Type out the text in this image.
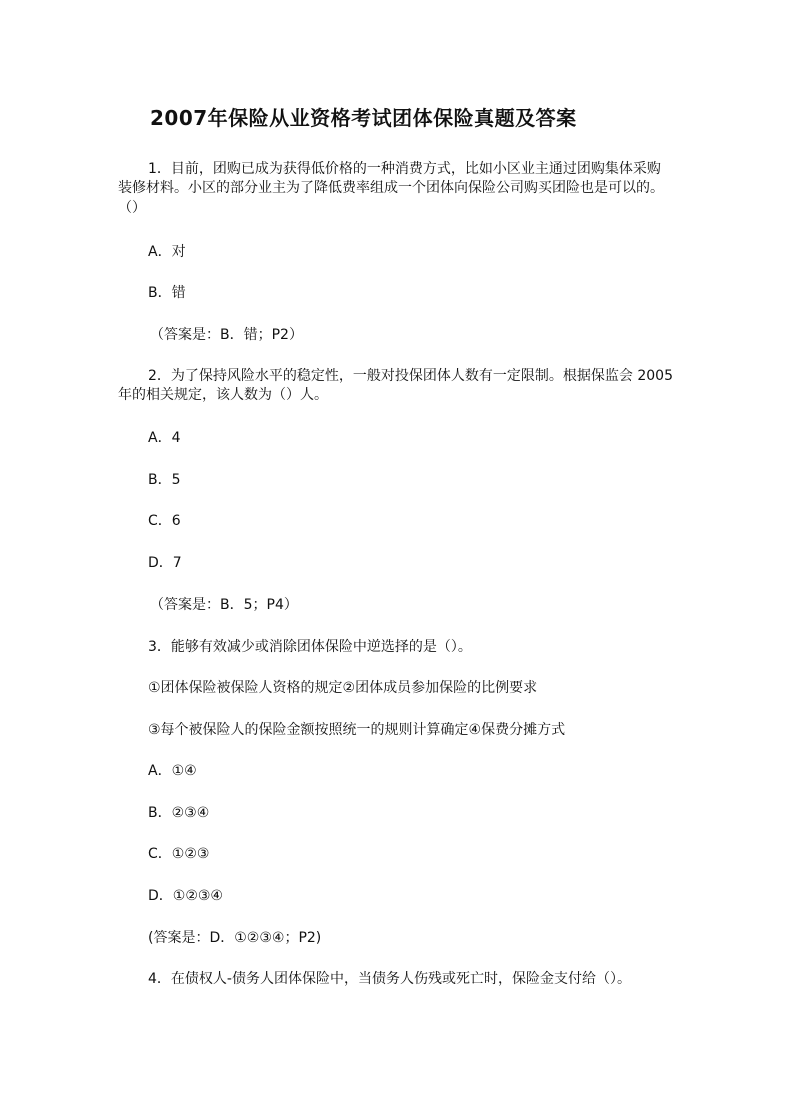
2007年保险从业资格考试团体保险真题及答案
1．目前，团购已成为获得低价格的一种消费方式，比如小区业主通过团购集体采购
装修材料。小区的部分业主为了降低费率组成一个团体向保险公司购买团险也是可以的。
（）
A．对
B．错
（答案是：B．错；P2）
2．为了保持风险水平的稳定性，一般对投保团体人数有一定限制。根据保监会 2005
年的相关规定，该人数为（）人。
A．4
B．5
C．6
D．7
（答案是：B．5；P4）
3．能够有效减少或消除团体保险中逆选择的是（）。
①团体保险被保险人资格的规定②团体成员参加保险的比例要求
③每个被保险人的保险金额按照统一的规则计算确定④保费分摊方式
A．①④
B．②③④
C．①②③
D．①②③④
(答案是：D．①②③④；P2)
4．在债权人-债务人团体保险中，当债务人伤残或死亡时，保险金支付给（）。
